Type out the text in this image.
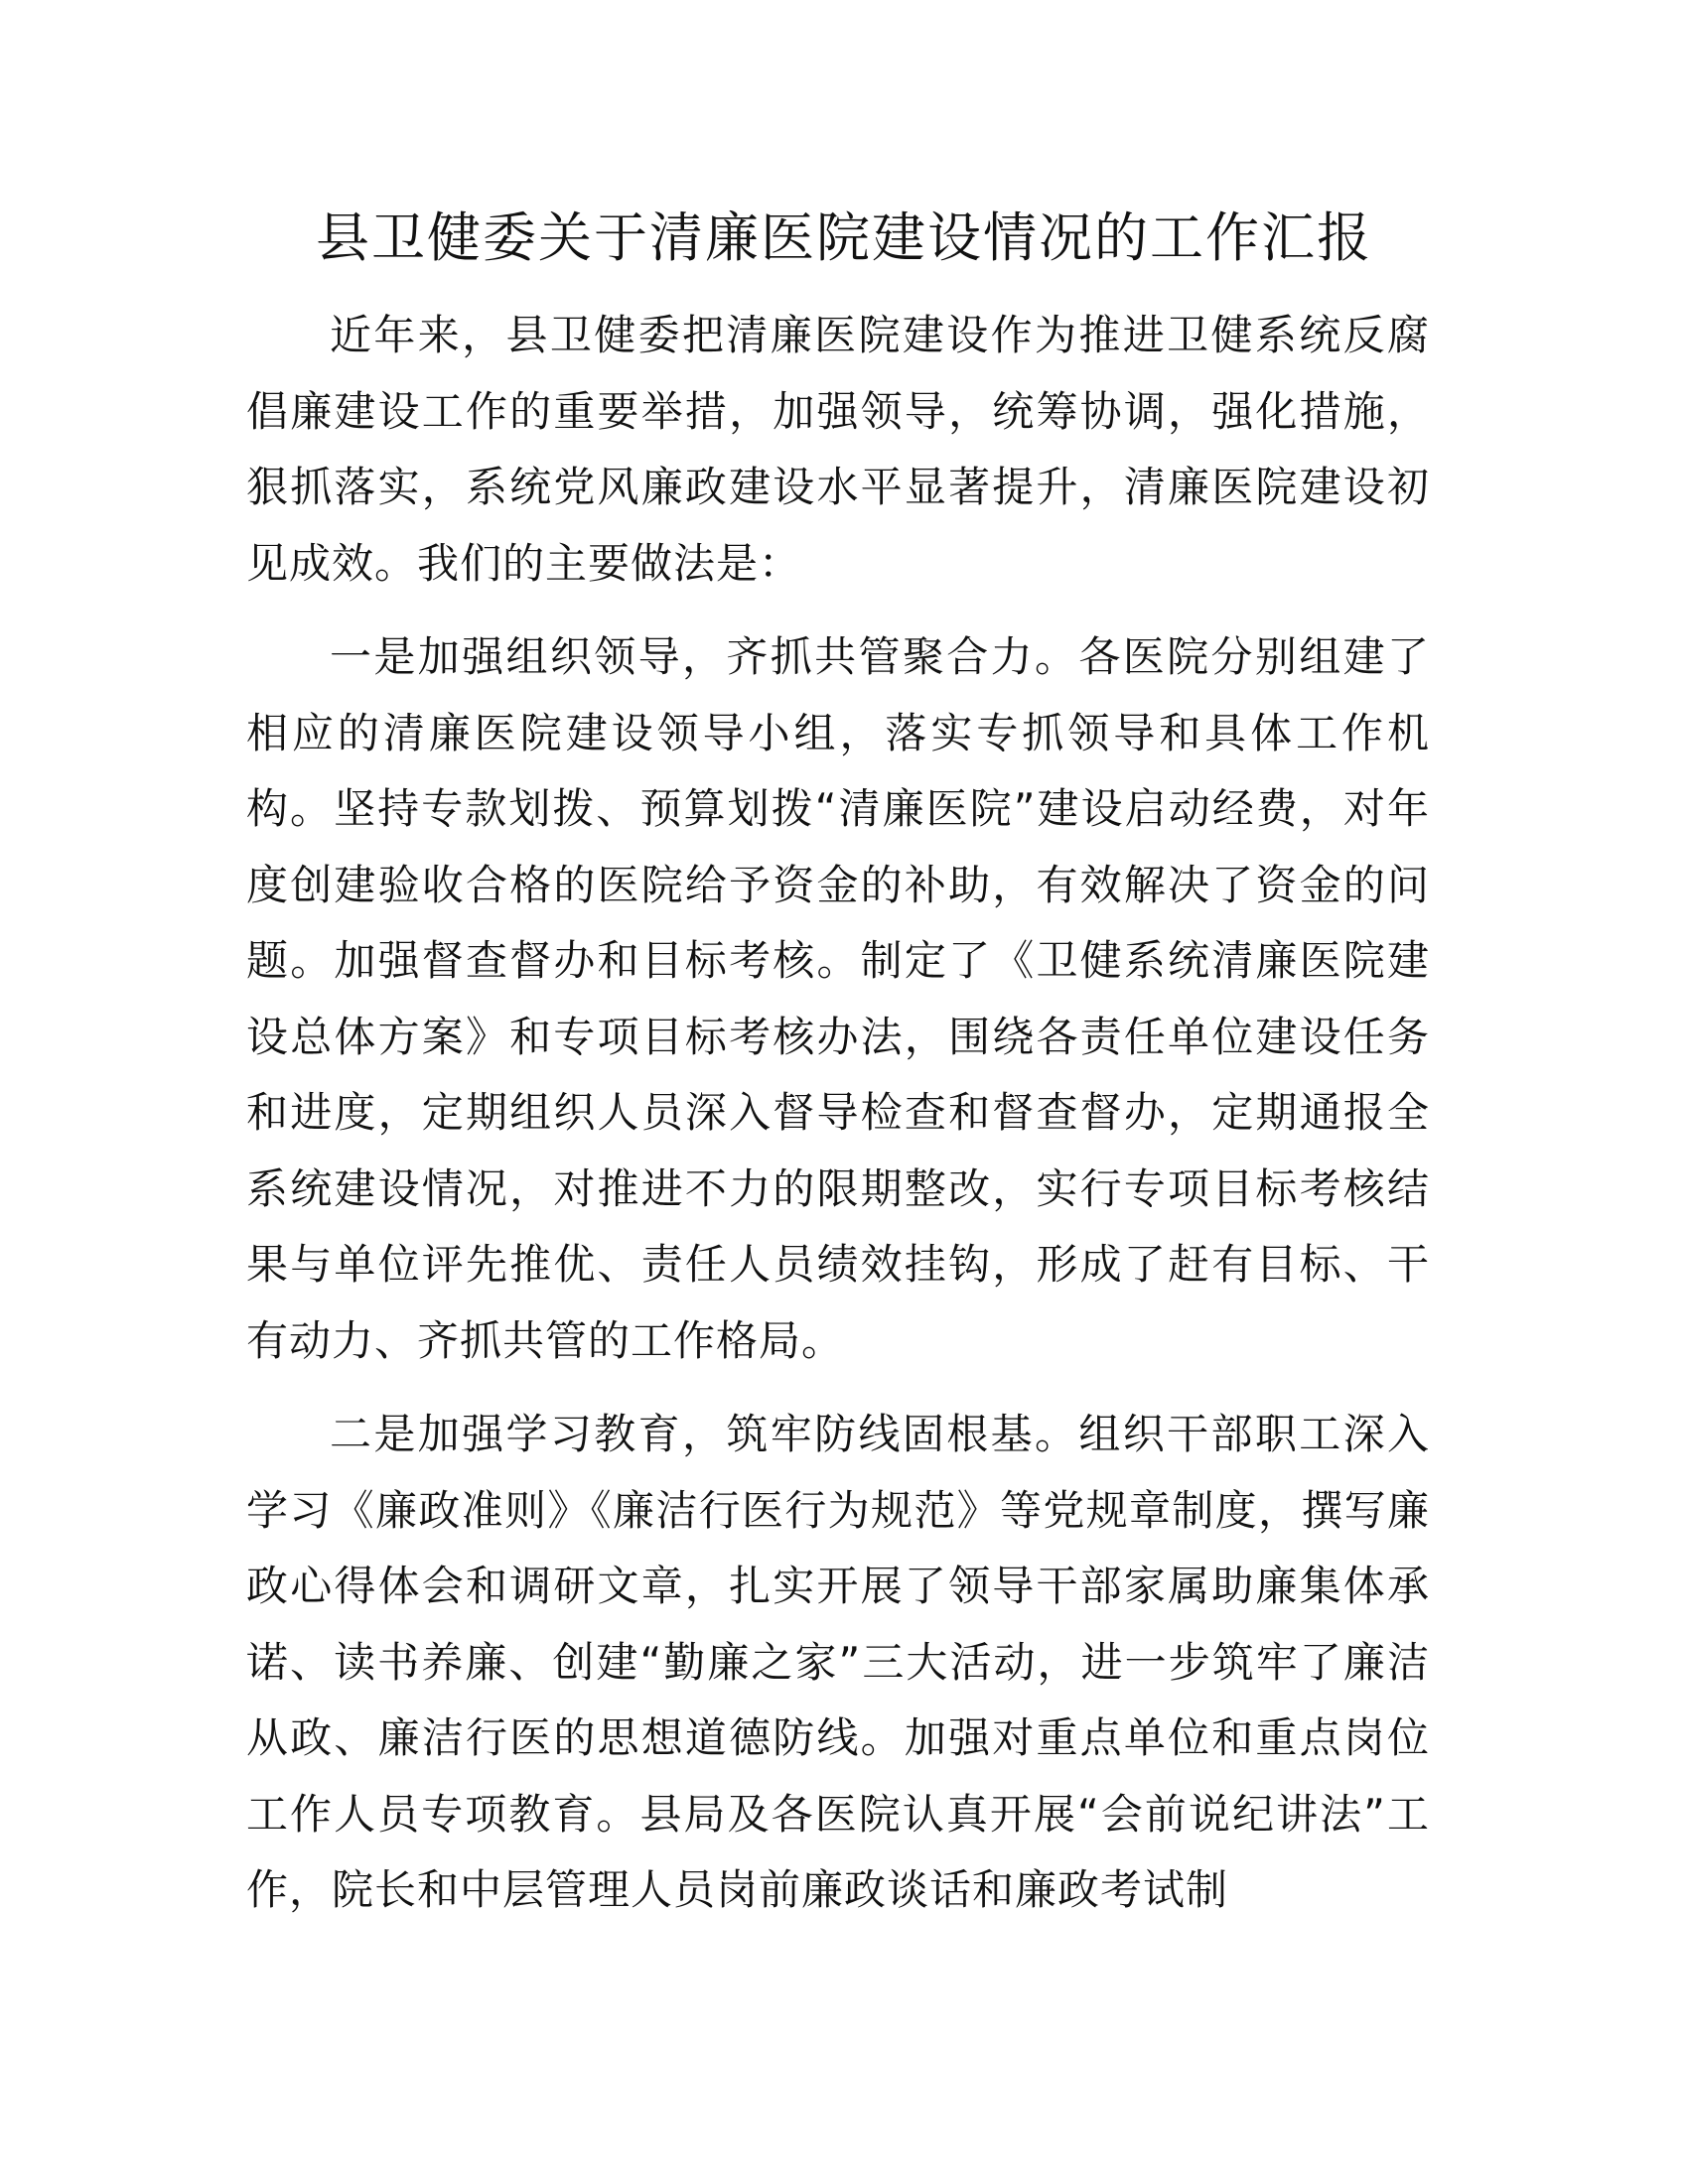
县卫健委关于清廉医院建设情况的工作汇报

近年来，县卫健委把清廉医院建设作为推进卫健系统反腐倡廉建设工作的重要举措，加强领导，统筹协调，强化措施，狠抓落实，系统党风廉政建设水平显著提升，清廉医院建设初见成效。我们的主要做法是：

一是加强组织领导，齐抓共管聚合力。各医院分别组建了相应的清廉医院建设领导小组，落实专抓领导和具体工作机构。坚持专款划拨、预算划拨“清廉医院”建设启动经费，对年度创建验收合格的医院给予资金的补助，有效解决了资金的问题。加强督查督办和目标考核。制定了《卫健系统清廉医院建设总体方案》和专项目标考核办法，围绕各责任单位建设任务和进度，定期组织人员深入督导检查和督查督办，定期通报全系统建设情况，对推进不力的限期整改，实行专项目标考核结果与单位评先推优、责任人员绩效挂钩，形成了赶有目标、干有动力、齐抓共管的工作格局。

二是加强学习教育，筑牢防线固根基。组织干部职工深入学习《廉政准则》《廉洁行医行为规范》等党规章制度，撰写廉政心得体会和调研文章，扎实开展了领导干部家属助廉集体承诺、读书养廉、创建“勤廉之家”三大活动，进一步筑牢了廉洁从政、廉洁行医的思想道德防线。加强对重点单位和重点岗位工作人员专项教育。县局及各医院认真开展“会前说纪讲法”工作，院长和中层管理人员岗前廉政谈话和廉政考试制
